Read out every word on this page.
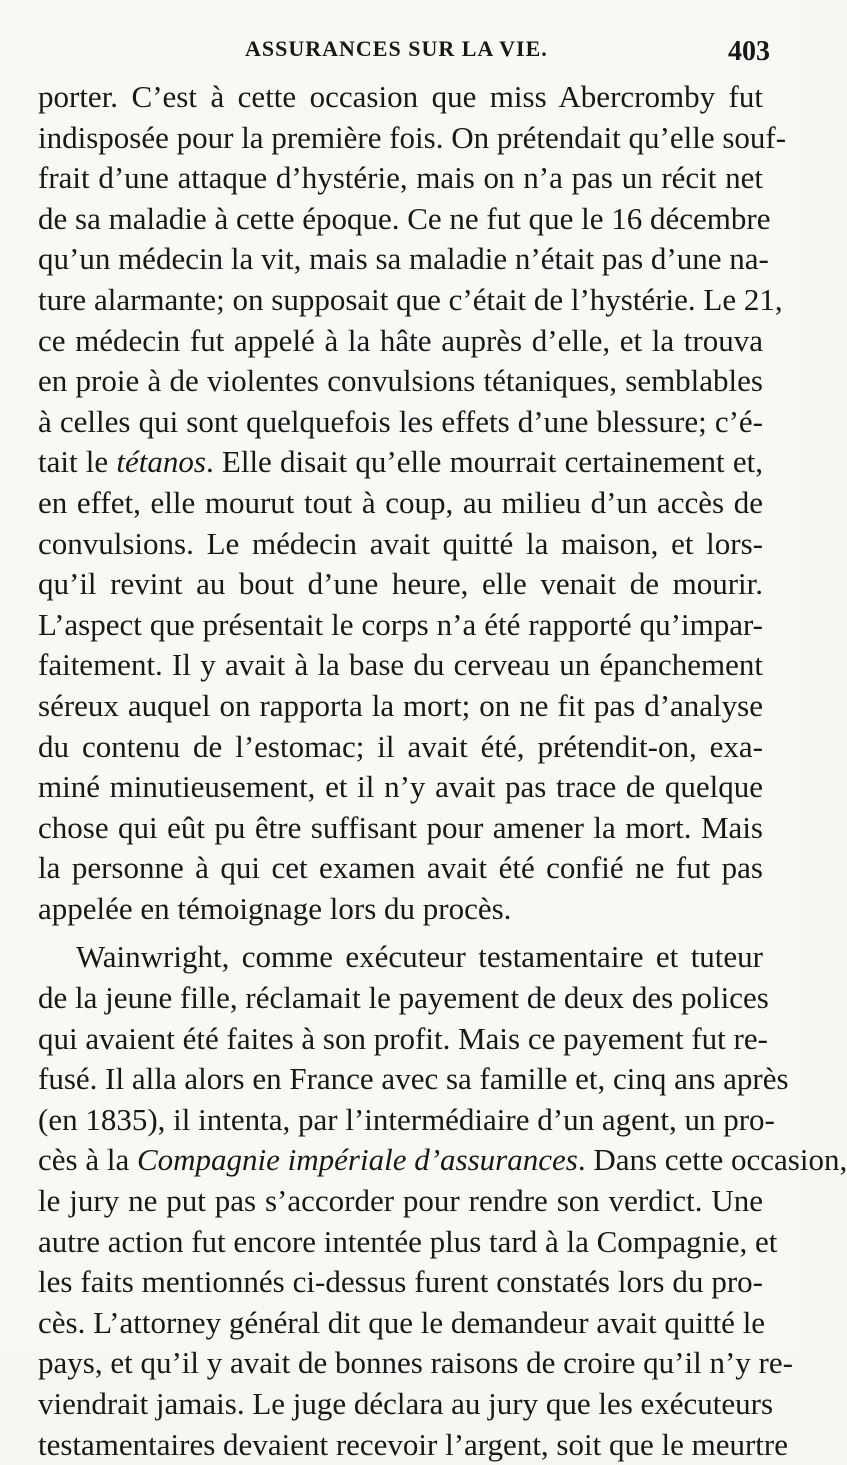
ASSURANCES SUR LA VIE.	403
porter. C’est à cette occasion que miss Abercromby fut
indisposée pour la première fois. On prétendait qu’elle souf-
frait d’une attaque d’hystérie, mais on n’a pas un récit net
de sa maladie à cette époque. Ce ne fut que le 16 décembre
qu’un médecin la vit, mais sa maladie n’était pas d’une na-
ture alarmante; on supposait que c’était de l’hystérie. Le 21,
ce médecin fut appelé à la hâte auprès d’elle, et la trouva
en proie à de violentes convulsions tétaniques, semblables
à celles qui sont quelquefois les effets d’une blessure; c’é-
tait le tétanos. Elle disait qu’elle mourrait certainement et,
en effet, elle mourut tout à coup, au milieu d’un accès de
convulsions. Le médecin avait quitté la maison, et lors-
qu’il revint au bout d’une heure, elle venait de mourir.
L’aspect que présentait le corps n’a été rapporté qu’impar-
faitement. Il y avait à la base du cerveau un épanchement
séreux auquel on rapporta la mort; on ne fit pas d’analyse
du contenu de l’estomac; il avait été, prétendit-on, exa-
miné minutieusement, et il n’y avait pas trace de quelque
chose qui eût pu être suffisant pour amener la mort. Mais
la personne à qui cet examen avait été confié ne fut pas
appelée en témoignage lors du procès.
Wainwright, comme exécuteur testamentaire et tuteur
de la jeune fille, réclamait le payement de deux des polices
qui avaient été faites à son profit. Mais ce payement fut re-
fusé. Il alla alors en France avec sa famille et, cinq ans après
(en 1835), il intenta, par l’intermédiaire d’un agent, un pro-
cès à la Compagnie impériale d’assurances. Dans cette occasion,
le jury ne put pas s’accorder pour rendre son verdict. Une
autre action fut encore intentée plus tard à la Compagnie, et
les faits mentionnés ci-dessus furent constatés lors du pro-
cès. L’attorney général dit que le demandeur avait quitté le
pays, et qu’il y avait de bonnes raisons de croire qu’il n’y re-
viendrait jamais. Le juge déclara au jury que les exécuteurs
testamentaires devaient recevoir l’argent, soit que le meurtre
